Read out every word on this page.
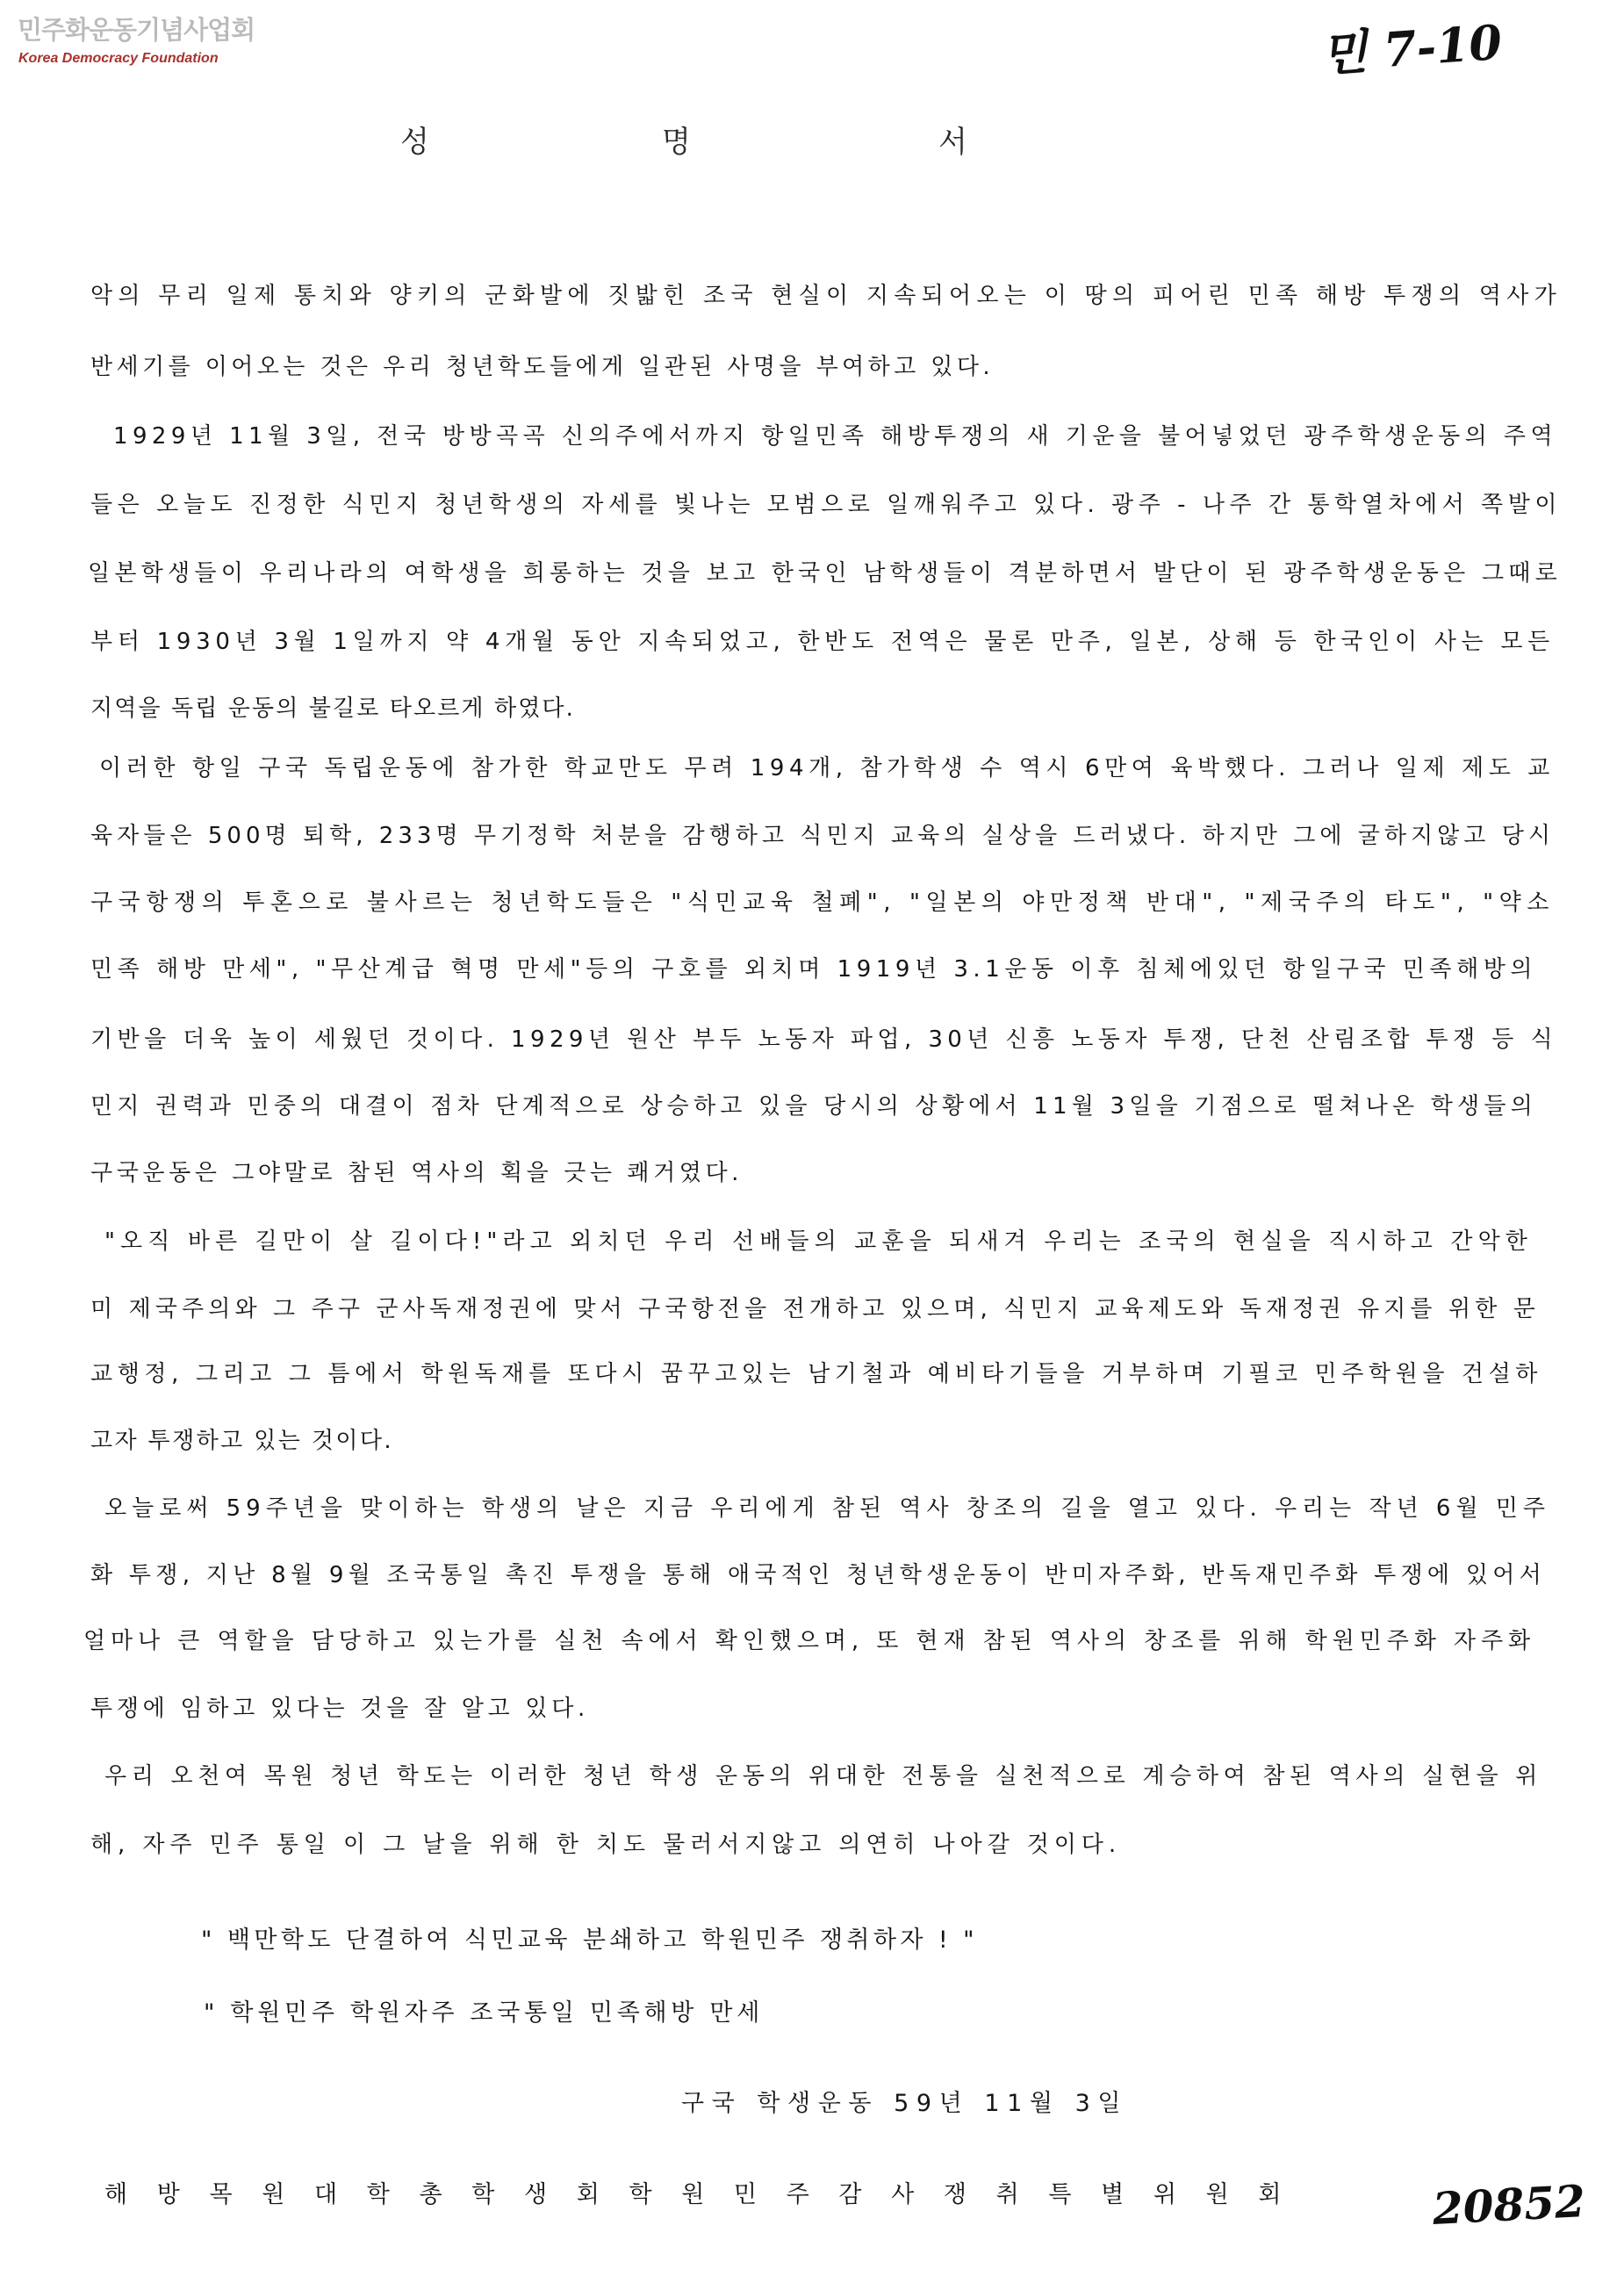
민주화운동기념사업회
Korea Democracy Foundation	민 7-10
성	명	서
악의 무리 일제 통치와 양키의 군화발에 짓밟힌 조국 현실이 지속되어오는 이 땅의 피어린 민족 해방 투쟁의 역사가
반세기를 이어오는 것은 우리 청년학도들에게 일관된 사명을 부여하고 있다.
1929년 11월 3일, 전국 방방곡곡 신의주에서까지 항일민족 해방투쟁의 새 기운을 불어넣었던 광주학생운동의 주역
들은 오늘도 진정한 식민지 청년학생의 자세를 빛나는 모범으로 일깨워주고 있다. 광주 - 나주 간 통학열차에서 쪽발이
일본학생들이 우리나라의 여학생을 희롱하는 것을 보고 한국인 남학생들이 격분하면서 발단이 된 광주학생운동은 그때로
부터 1930년 3월 1일까지 약 4개월 동안 지속되었고, 한반도 전역은 물론 만주, 일본, 상해 등 한국인이 사는 모든
지역을 독립 운동의 불길로 타오르게 하였다.
이러한 항일 구국 독립운동에 참가한 학교만도 무려 194개, 참가학생 수 역시 6만여 육박했다. 그러나 일제 제도 교
육자들은 500명 퇴학, 233명 무기정학 처분을 감행하고 식민지 교육의 실상을 드러냈다. 하지만 그에 굴하지않고 당시
구국항쟁의 투혼으로 불사르는 청년학도들은 "식민교육 철폐", "일본의 야만정책 반대", "제국주의 타도", "약소
민족 해방 만세", "무산계급 혁명 만세"등의 구호를 외치며 1919년 3.1운동 이후 침체에있던 항일구국 민족해방의
기반을 더욱 높이 세웠던 것이다. 1929년 원산 부두 노동자 파업, 30년 신흥 노동자 투쟁, 단천 산림조합 투쟁 등 식
민지 권력과 민중의 대결이 점차 단계적으로 상승하고 있을 당시의 상황에서 11월 3일을 기점으로 떨쳐나온 학생들의
구국운동은 그야말로 참된 역사의 획을 긋는 쾌거였다.
"오직 바른 길만이 살 길이다!"라고 외치던 우리 선배들의 교훈을 되새겨 우리는 조국의 현실을 직시하고 간악한
미 제국주의와 그 주구 군사독재정권에 맞서 구국항전을 전개하고 있으며, 식민지 교육제도와 독재정권 유지를 위한 문
교행정, 그리고 그 틈에서 학원독재를 또다시 꿈꾸고있는 남기철과 예비타기들을 거부하며 기필코 민주학원을 건설하
고자 투쟁하고 있는 것이다.
오늘로써 59주년을 맞이하는 학생의 날은 지금 우리에게 참된 역사 창조의 길을 열고 있다. 우리는 작년 6월 민주
화 투쟁, 지난 8월 9월 조국통일 촉진 투쟁을 통해 애국적인 청년학생운동이 반미자주화, 반독재민주화 투쟁에 있어서
얼마나 큰 역할을 담당하고 있는가를 실천 속에서 확인했으며, 또 현재 참된 역사의 창조를 위해 학원민주화 자주화
투쟁에 임하고 있다는 것을 잘 알고 있다.
우리 오천여 목원 청년 학도는 이러한 청년 학생 운동의 위대한 전통을 실천적으로 계승하여 참된 역사의 실현을 위
해, 자주 민주 통일 이 그 날을 위해 한 치도 물러서지않고 의연히 나아갈 것이다.
" 백만학도 단결하여 식민교육 분쇄하고 학원민주 쟁취하자 ! "
" 학원민주 학원자주 조국통일 민족해방 만세
구국 학생운동 59년 11월 3일
해 방 목 원 대 학 총 학 생 회 학 원 민 주 감 사 쟁 취 특 별 위 원 회	20852
